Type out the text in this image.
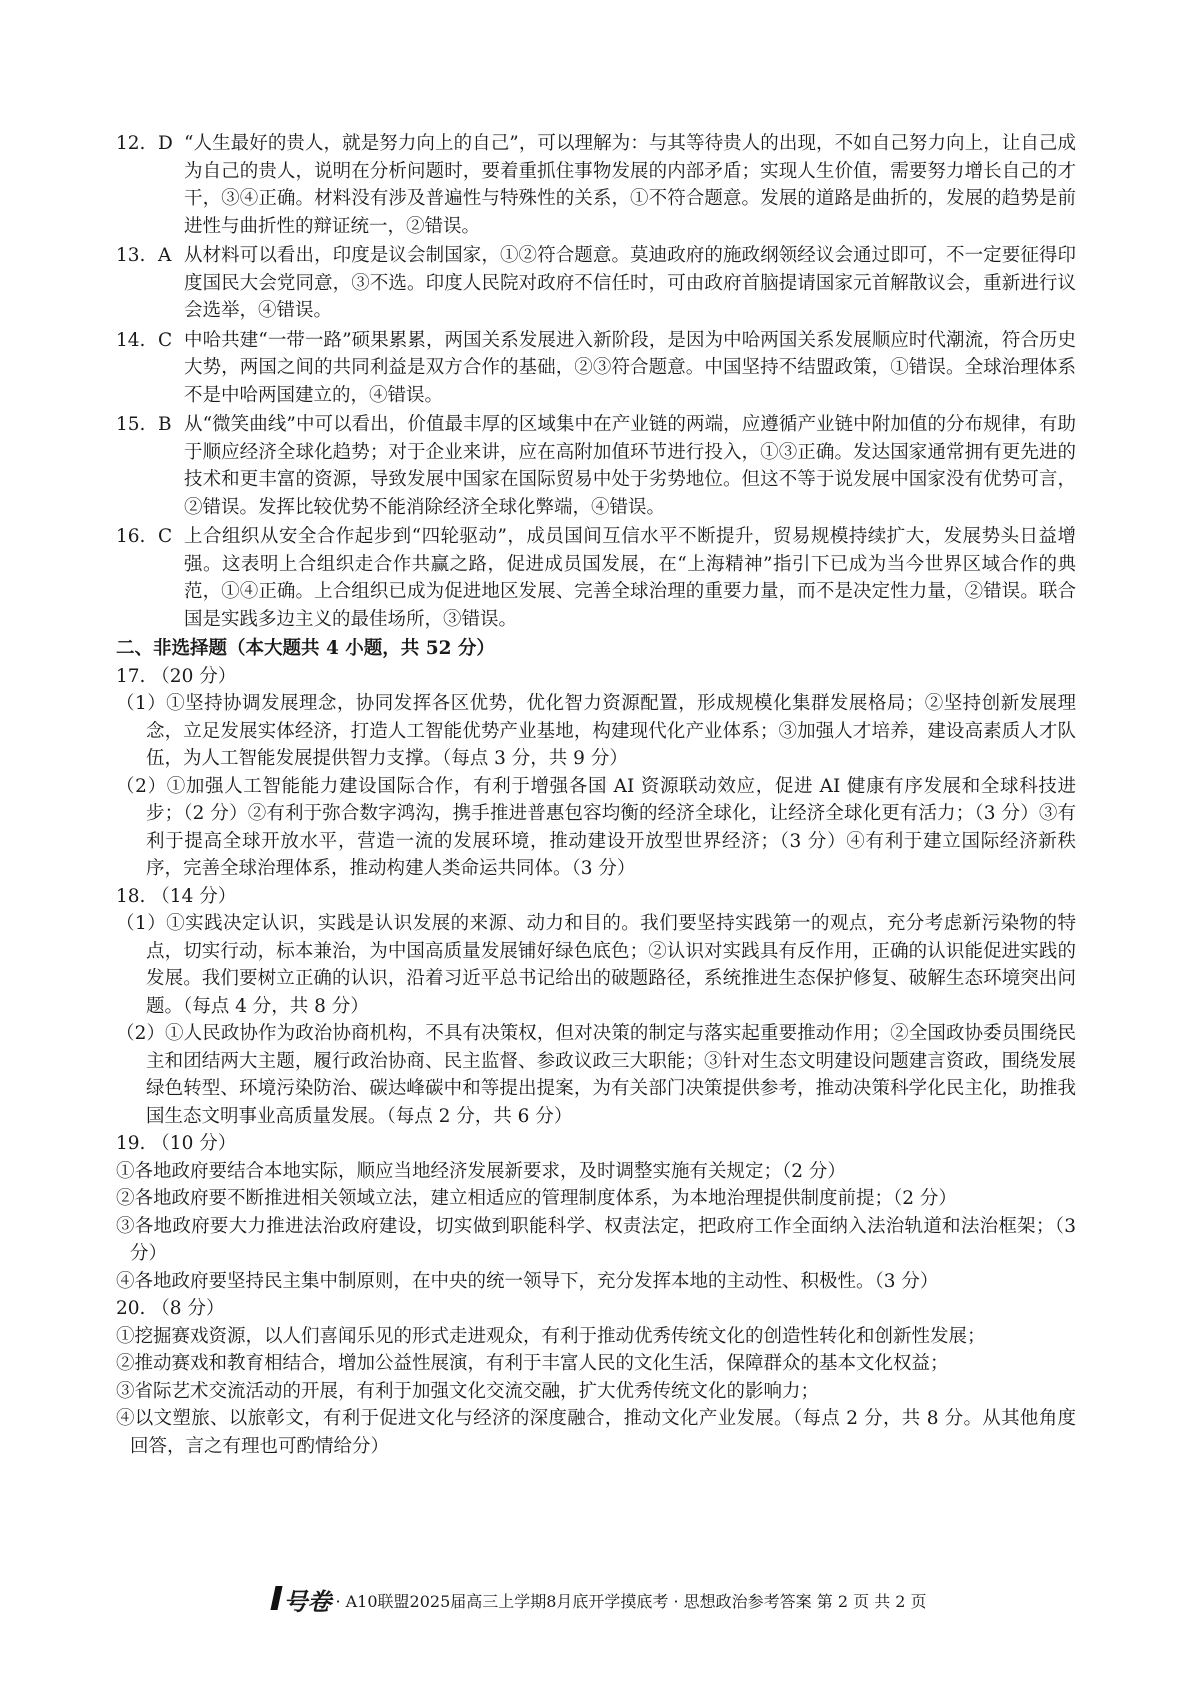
12. D “人生最好的贵人，就是努力向上的自己”，可以理解为：与其等待贵人的出现，不如自己努力向上，让自己成为自己的贵人，说明在分析问题时，要着重抓住事物发展的内部矛盾；实现人生价值，需要努力增长自己的才干，③④正确。材料没有涉及普遍性与特殊性的关系，①不符合题意。发展的道路是曲折的，发展的趋势是前进性与曲折性的辩证统一，②错误。
13. A 从材料可以看出，印度是议会制国家，①②符合题意。莫迪政府的施政纲领经议会通过即可，不一定要征得印度国民大会党同意，③不选。印度人民院对政府不信任时，可由政府首脑提请国家元首解散议会，重新进行议会选举，④错误。
14. C 中哈共建“一带一路”硕果累累，两国关系发展进入新阶段，是因为中哈两国关系发展顺应时代潮流，符合历史大势，两国之间的共同利益是双方合作的基础，②③符合题意。中国坚持不结盟政策，①错误。全球治理体系不是中哈两国建立的，④错误。
15. B 从“微笑曲线”中可以看出，价值最丰厚的区域集中在产业链的两端，应遵循产业链中附加值的分布规律，有助于顺应经济全球化趋势；对于企业来讲，应在高附加值环节进行投入，①③正确。发达国家通常拥有更先进的技术和更丰富的资源，导致发展中国家在国际贸易中处于劣势地位。但这不等于说发展中国家没有优势可言，②错误。发挥比较优势不能消除经济全球化弊端，④错误。
16. C 上合组织从安全合作起步到“四轮驱动”，成员国间互信水平不断提升，贸易规模持续扩大，发展势头日益增强。这表明上合组织走合作共赢之路，促进成员国发展，在“上海精神”指引下已成为当今世界区域合作的典范，①④正确。上合组织已成为促进地区发展、完善全球治理的重要力量，而不是决定性力量，②错误。联合国是实践多边主义的最佳场所，③错误。
二、非选择题（本大题共 4 小题，共 52 分）
17. （20 分）
（1）①坚持协调发展理念，协同发挥各区优势，优化智力资源配置，形成规模化集群发展格局；②坚持创新发展理念，立足发展实体经济，打造人工智能优势产业基地，构建现代化产业体系；③加强人才培养，建设高素质人才队伍，为人工智能发展提供智力支撑。（每点 3 分，共 9 分）
（2）①加强人工智能能力建设国际合作，有利于增强各国 AI 资源联动效应，促进 AI 健康有序发展和全球科技进步；（2 分）②有利于弥合数字鸿沟，携手推进普惠包容均衡的经济全球化，让经济全球化更有活力；（3 分）③有利于提高全球开放水平，营造一流的发展环境，推动建设开放型世界经济；（3 分）④有利于建立国际经济新秩序，完善全球治理体系，推动构建人类命运共同体。（3 分）
18. （14 分）
（1）①实践决定认识，实践是认识发展的来源、动力和目的。我们要坚持实践第一的观点，充分考虑新污染物的特点，切实行动，标本兼治，为中国高质量发展铺好绿色底色；②认识对实践具有反作用，正确的认识能促进实践的发展。我们要树立正确的认识，沿着习近平总书记给出的破题路径，系统推进生态保护修复、破解生态环境突出问题。（每点 4 分，共 8 分）
（2）①人民政协作为政治协商机构，不具有决策权，但对决策的制定与落实起重要推动作用；②全国政协委员围绕民主和团结两大主题，履行政治协商、民主监督、参政议政三大职能；③针对生态文明建设问题建言资政，围绕发展绿色转型、环境污染防治、碳达峰碳中和等提出提案，为有关部门决策提供参考，推动决策科学化民主化，助推我国生态文明事业高质量发展。（每点 2 分，共 6 分）
19. （10 分）
①各地政府要结合本地实际，顺应当地经济发展新要求，及时调整实施有关规定；（2 分）
②各地政府要不断推进相关领域立法，建立相适应的管理制度体系，为本地治理提供制度前提；（2 分）
③各地政府要大力推进法治政府建设，切实做到职能科学、权责法定，把政府工作全面纳入法治轨道和法治框架；（3 分）
④各地政府要坚持民主集中制原则，在中央的统一领导下，充分发挥本地的主动性、积极性。（3 分）
20. （8 分）
①挖掘赛戏资源，以人们喜闻乐见的形式走进观众，有利于推动优秀传统文化的创造性转化和创新性发展；
②推动赛戏和教育相结合，增加公益性展演，有利于丰富人民的文化生活，保障群众的基本文化权益；
③省际艺术交流活动的开展，有利于加强文化交流交融，扩大优秀传统文化的影响力；
④以文塑旅、以旅彰文，有利于促进文化与经济的深度融合，推动文化产业发展。（每点 2 分，共 8 分。从其他角度回答，言之有理也可酌情给分）
号卷 · A10联盟2025届高三上学期8月底开学摸底考 · 思想政治参考答案 第 2 页 共 2 页
